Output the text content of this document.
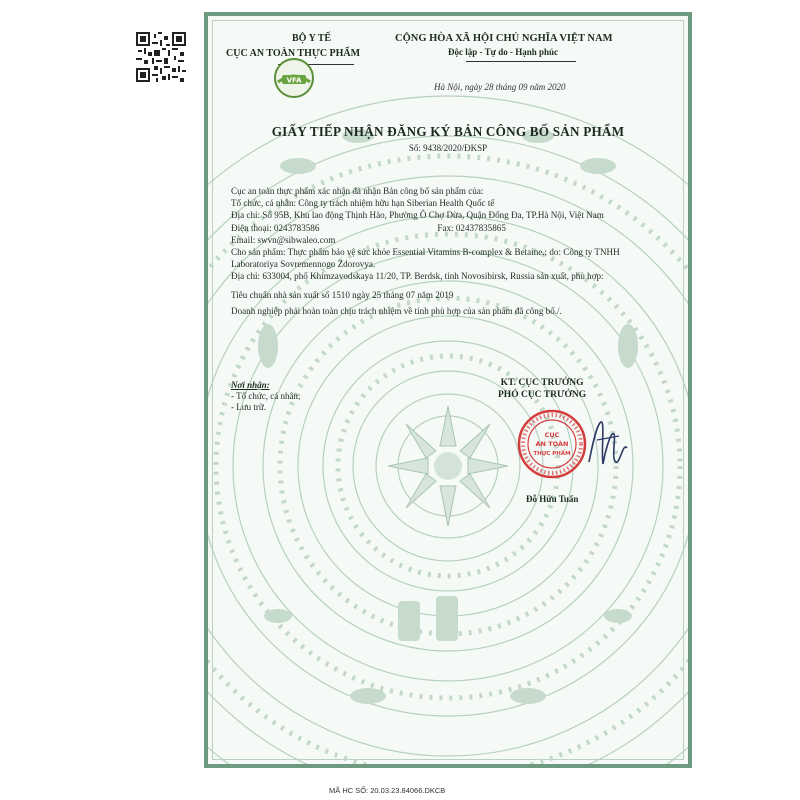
BỘ Y TẾ
CỤC AN TOÀN THỰC PHẨM
VFA
CỘNG HÒA XÃ HỘI CHỦ NGHĨA VIỆT NAM
Độc lập - Tự do - Hạnh phúc
Hà Nội, ngày 28 tháng 09 năm 2020
GIẤY TIẾP NHẬN ĐĂNG KÝ BẢN CÔNG BỐ SẢN PHẨM
Số: 9438/2020/ĐKSP

Cục an toàn thực phẩm xác nhận đã nhận Bản công bố sản phẩm của:

Tổ chức, cá nhân: Công ty trách nhiệm hữu hạn Siberian Health Quốc tế

Địa chỉ: Số 95B, Khu lao động Thịnh Hào, Phường Ô Chợ Dừa, Quận Đống Đa, TP.Hà Nội, Việt Nam

Điện thoại: 0243783586	Fax: 02437835865

Email: swvn@sibwaleo.com

Cho sản phẩm: Thực phẩm bảo vệ sức khỏe Essential Vitamins B-complex & Betaine.; do: Công ty TNHH Laboratoriya Sovremennogo Zdorovya.

Địa chỉ: 633004, phố Khimzavodskaya 11/20, TP. Berdsk, tỉnh Novosibirsk, Russia sản xuất, phù hợp:

Tiêu chuẩn nhà sản xuất số 1510 ngày 25 tháng 07 năm 2019

Doanh nghiệp phải hoàn toàn chịu trách nhiệm về tính phù hợp của sản phẩm đã công bố./.

Nơi nhận:
- Tổ chức, cá nhân;
- Lưu trữ.
KT. CỤC TRƯỞNG
PHÓ CỤC TRƯỞNG
CỤC
AN TOÀN
THỰC PHẨM
Đỗ Hữu Tuấn
MÃ HC SỐ: 20.03.23.84066.DKCB
